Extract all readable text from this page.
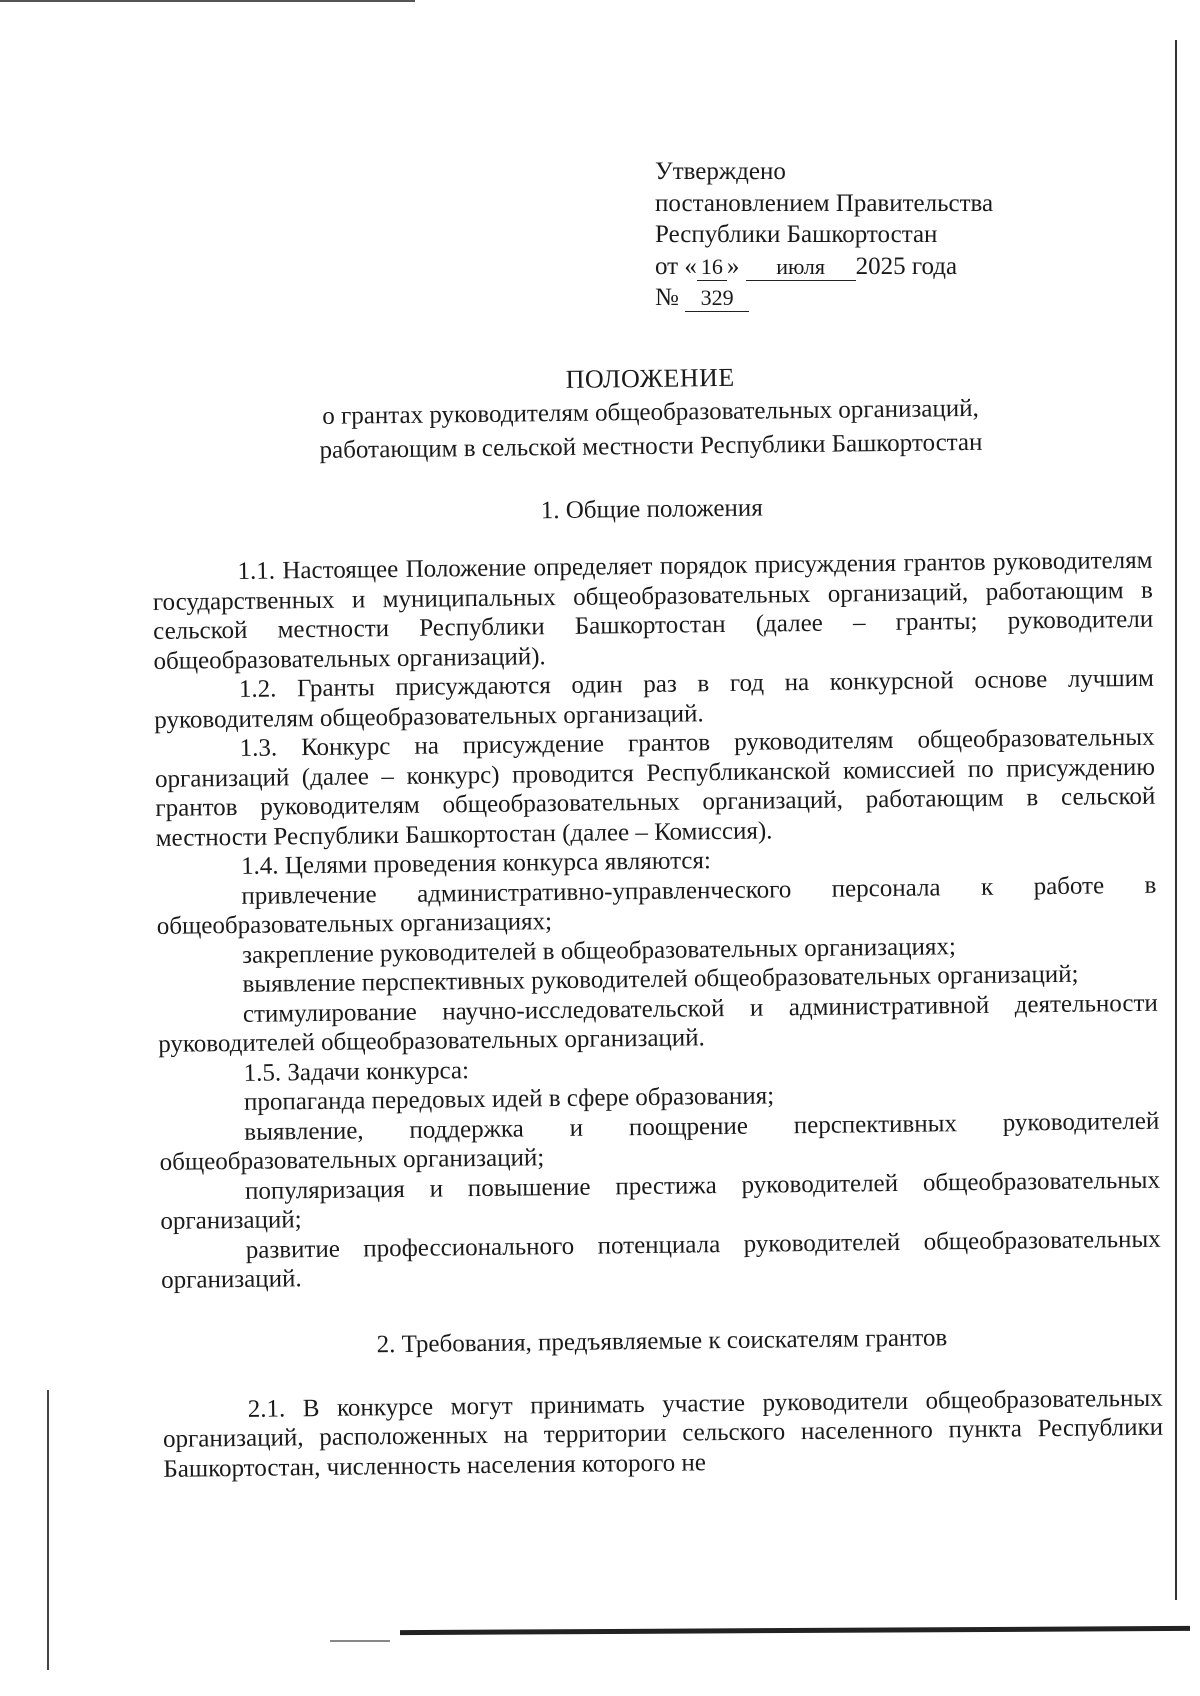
Утверждено
постановлением Правительства
Республики Башкортостан
от « 16 » июля 2025 года
№ 329
ПОЛОЖЕНИЕ
о грантах руководителям общеобразовательных организаций,
работающим в сельской местности Республики Башкортостан
1. Общие положения

1.1. Настоящее Положение определяет порядок присуждения грантов руководителям государственных и муниципальных общеобразовательных организаций, работающим в сельской местности Республики Башкортостан (далее – гранты; руководители общеобразовательных организаций).

1.2. Гранты присуждаются один раз в год на конкурсной основе лучшим руководителям общеобразовательных организаций.

1.3. Конкурс на присуждение грантов руководителям общеобразовательных организаций (далее – конкурс) проводится Республиканской комиссией по присуждению грантов руководителям общеобразовательных организаций, работающим в сельской местности Республики Башкортостан (далее – Комиссия).

1.4. Целями проведения конкурса являются:

привлечение административно-управленческого персонала к работе в общеобразовательных организациях;

закрепление руководителей в общеобразовательных организациях;

выявление перспективных руководителей общеобразовательных организаций;

стимулирование научно-исследовательской и административной деятельности руководителей общеобразовательных организаций.

1.5. Задачи конкурса:

пропаганда передовых идей в сфере образования;

выявление, поддержка и поощрение перспективных руководителей общеобразовательных организаций;

популяризация и повышение престижа руководителей общеобразовательных организаций;

развитие профессионального потенциала руководителей общеобразовательных организаций.

2. Требования, предъявляемые к соискателям грантов

2.1. В конкурсе могут принимать участие руководители общеобразовательных организаций, расположенных на территории сельского населенного пункта Республики Башкортостан, численность населения которого не
